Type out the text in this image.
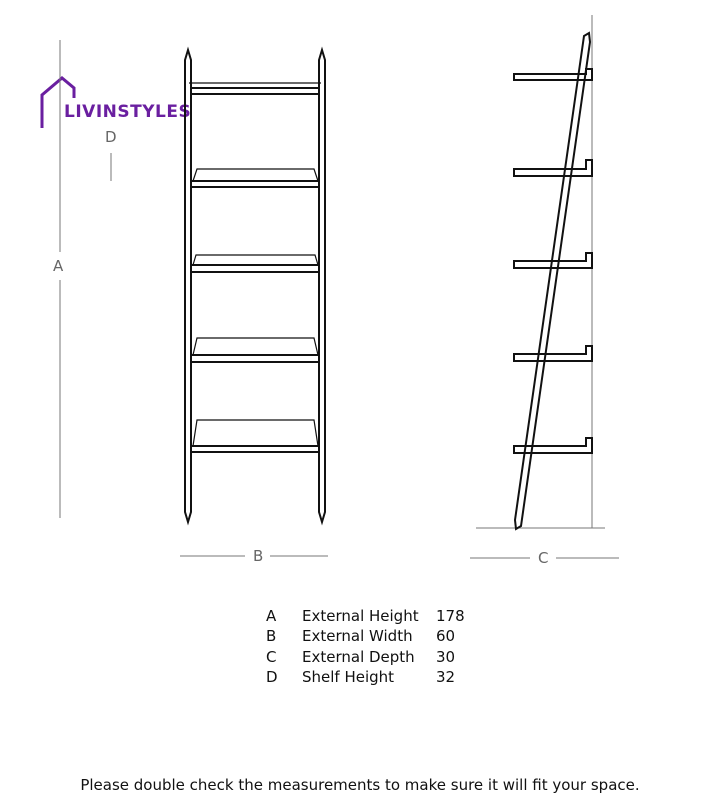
LIVINSTYLES
A
D
B	C
A	External Height	178
B	External Width	60
C	External Depth	30
D	Shelf Height	32
Please double check the measurements to make sure it will fit your space.
